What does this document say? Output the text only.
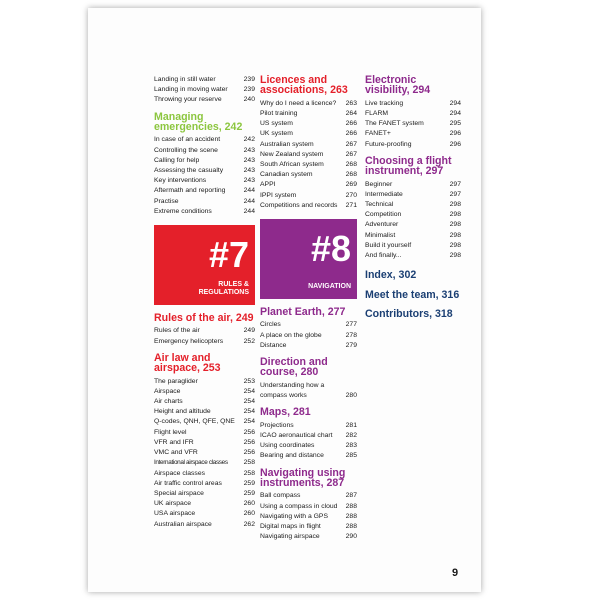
Landing in still water	239
Landing in moving water 239
Throwing your reserve	240
Managing emergencies, 242
In case of an accident	242
Controlling the scene	243
Calling for help	243
Assessing the casualty	243
Key interventions	243
Aftermath and reporting	244
Practise	244
Extreme conditions	244
#7
RULES &
REGULATIONS
Rules of the air, 249
Rules of the air	249
Emergency helicopters	252
Air law and airspace, 253
The paraglider	253
Airspace	254
Air charts	254
Height and altitude	254
Q-codes, QNH, QFE, QNE 254
Flight level	256
VFR and IFR	256
VMC and VFR	256
International airspace classes 258
Airspace classes	258
Air traffic control areas	259
Special airspace	259
UK airspace	260
USA airspace	260
Australian airspace	262
Licences and associations, 263
Why do I need a licence? 263
Pilot training	264
US system	266
UK system	266
Australian system	267
New Zealand system	267
South African system	268
Canadian system	268
APPI	269
IPPI system	270
Competitions and records 271
#8
NAVIGATION
Planet Earth, 277
Circles	277
A place on the globe	278
Distance	279
Direction and course, 280
Understanding how a compass works	280
Maps, 281
Projections	281
ICAO aeronautical chart 282
Using coordinates	283
Bearing and distance	285
Navigating using instruments, 287
Ball compass	287
Using a compass in cloud 288
Navigating with a GPS	288
Digital maps in flight	288
Navigating airspace	290
Electronic visibility, 294
Live tracking	294
FLARM	294
The FANET system	295
FANET+	296
Future-proofing	296
Choosing a flight instrument, 297
Beginner	297
Intermediate	297
Technical	298
Competition	298
Adventurer	298
Minimalist	298
Build it yourself	298
And finally...	298
Index, 302
Meet the team, 316
Contributors, 318
9
